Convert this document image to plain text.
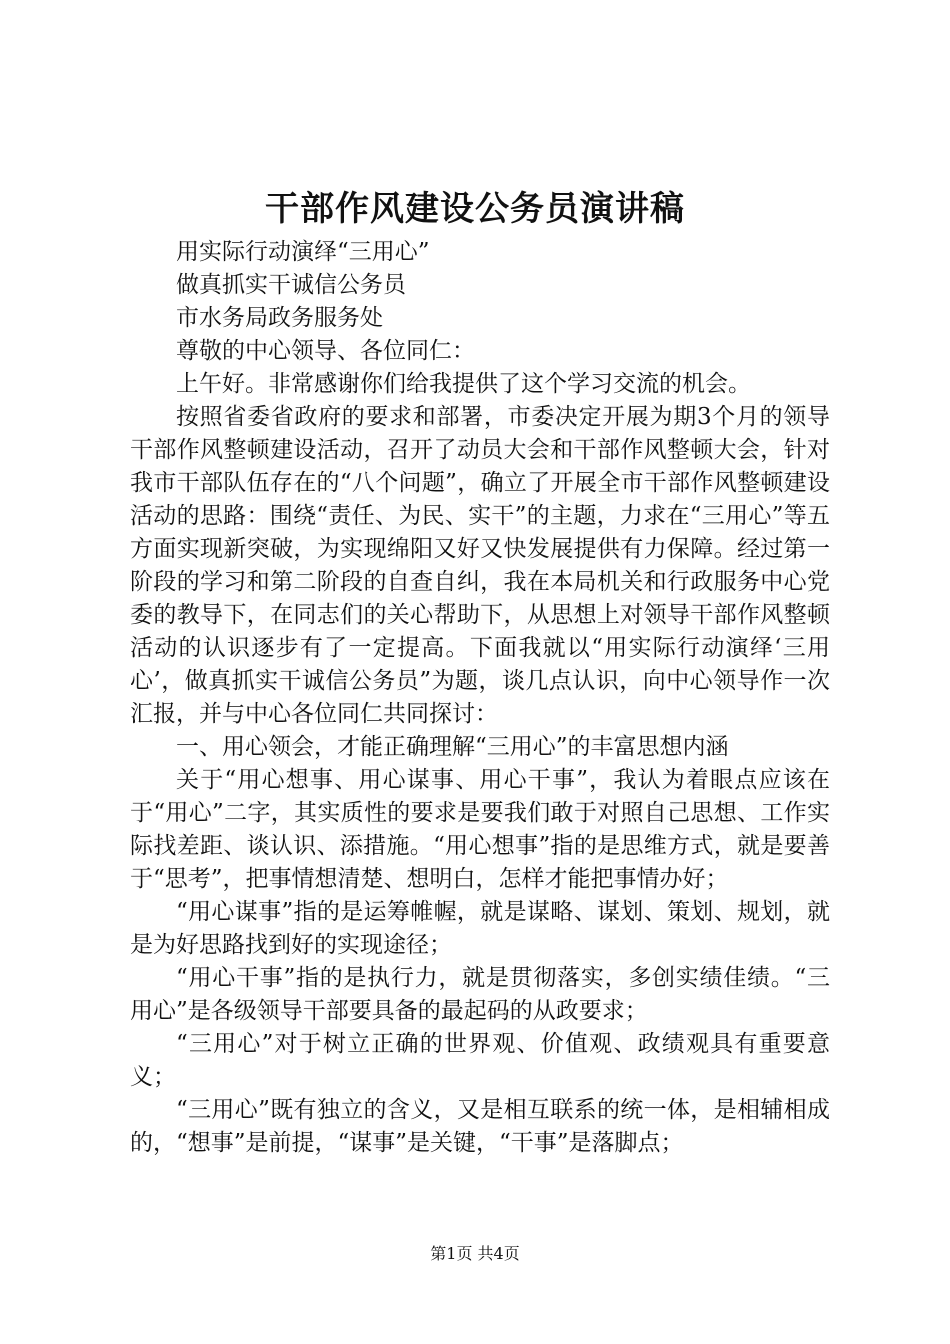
干部作风建设公务员演讲稿

用实际行动演绎“三用心”

做真抓实干诚信公务员

市水务局政务服务处

尊敬的中心领导、各位同仁：

上午好。非常感谢你们给我提供了这个学习交流的机会。

按照省委省政府的要求和部署，市委决定开展为期3个月的领导干部作风整顿建设活动，召开了动员大会和干部作风整顿大会，针对我市干部队伍存在的“八个问题”，确立了开展全市干部作风整顿建设活动的思路：围绕“责任、为民、实干”的主题，力求在“三用心”等五方面实现新突破，为实现绵阳又好又快发展提供有力保障。经过第一阶段的学习和第二阶段的自查自纠，我在本局机关和行政服务中心党委的教导下，在同志们的关心帮助下，从思想上对领导干部作风整顿活动的认识逐步有了一定提高。下面我就以“用实际行动演绎‘三用心’，做真抓实干诚信公务员”为题，谈几点认识，向中心领导作一次汇报，并与中心各位同仁共同探讨：

一、用心领会，才能正确理解“三用心”的丰富思想内涵

关于“用心想事、用心谋事、用心干事”，我认为着眼点应该在于“用心”二字，其实质性的要求是要我们敢于对照自己思想、工作实际找差距、谈认识、添措施。“用心想事”指的是思维方式，就是要善于“思考”，把事情想清楚、想明白，怎样才能把事情办好；

“用心谋事”指的是运筹帷幄，就是谋略、谋划、策划、规划，就是为好思路找到好的实现途径；

“用心干事”指的是执行力，就是贯彻落实，多创实绩佳绩。“三用心”是各级领导干部要具备的最起码的从政要求；

“三用心”对于树立正确的世界观、价值观、政绩观具有重要意义；

“三用心”既有独立的含义，又是相互联系的统一体，是相辅相成的，“想事”是前提，“谋事”是关键，“干事”是落脚点；

第1页 共4页
